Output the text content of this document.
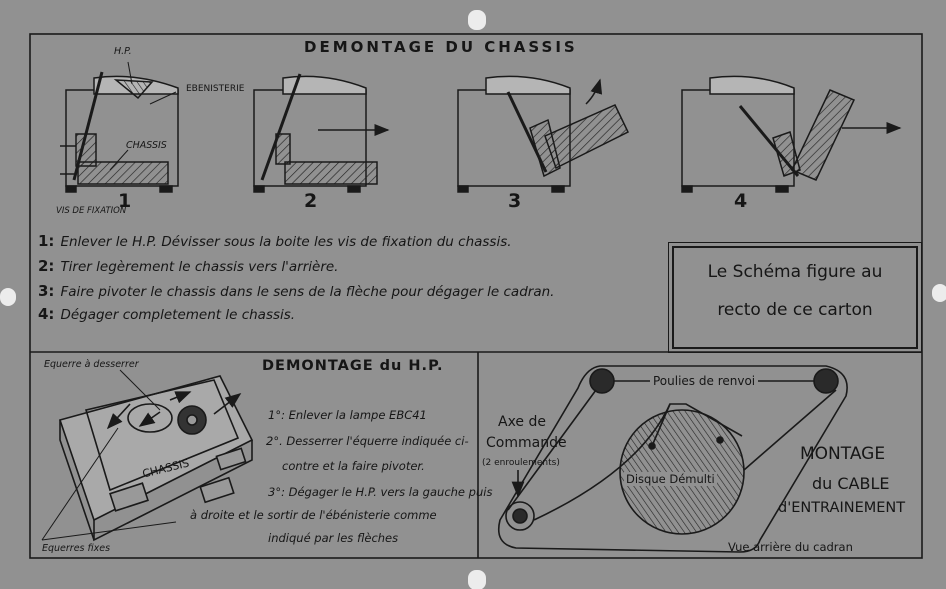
DEMONTAGE DU CHASSIS
H.P.
EBENISTERIE
CHASSIS
VIS DE FIXATION
1	2	3	4
1: Enlever le H.P. Dévisser sous la boite les vis de fixation du chassis.
2: Tirer legèrement le chassis vers l'arrière.
3: Faire pivoter le chassis dans le sens de la flèche pour dégager le cadran.
4: Dégager completement le chassis.
Le Schéma figure au
recto de ce carton
DEMONTAGE du H.P.
Equerre à desserrer
Equerres fixes
CHASSIS
1°: Enlever la lampe EBC41
2°. Desserrer l'équerre indiquée ci-
contre et la faire pivoter.
3°: Dégager le H.P. vers la gauche puis
à droite et le sortir de l'ébénisterie comme
indiqué par les flèches
Poulies de renvoi
Axe de
Commande
(2 enroulements)
Disque Démulti
Vue arrière du cadran
MONTAGE
du CABLE
d'ENTRAINEMENT
